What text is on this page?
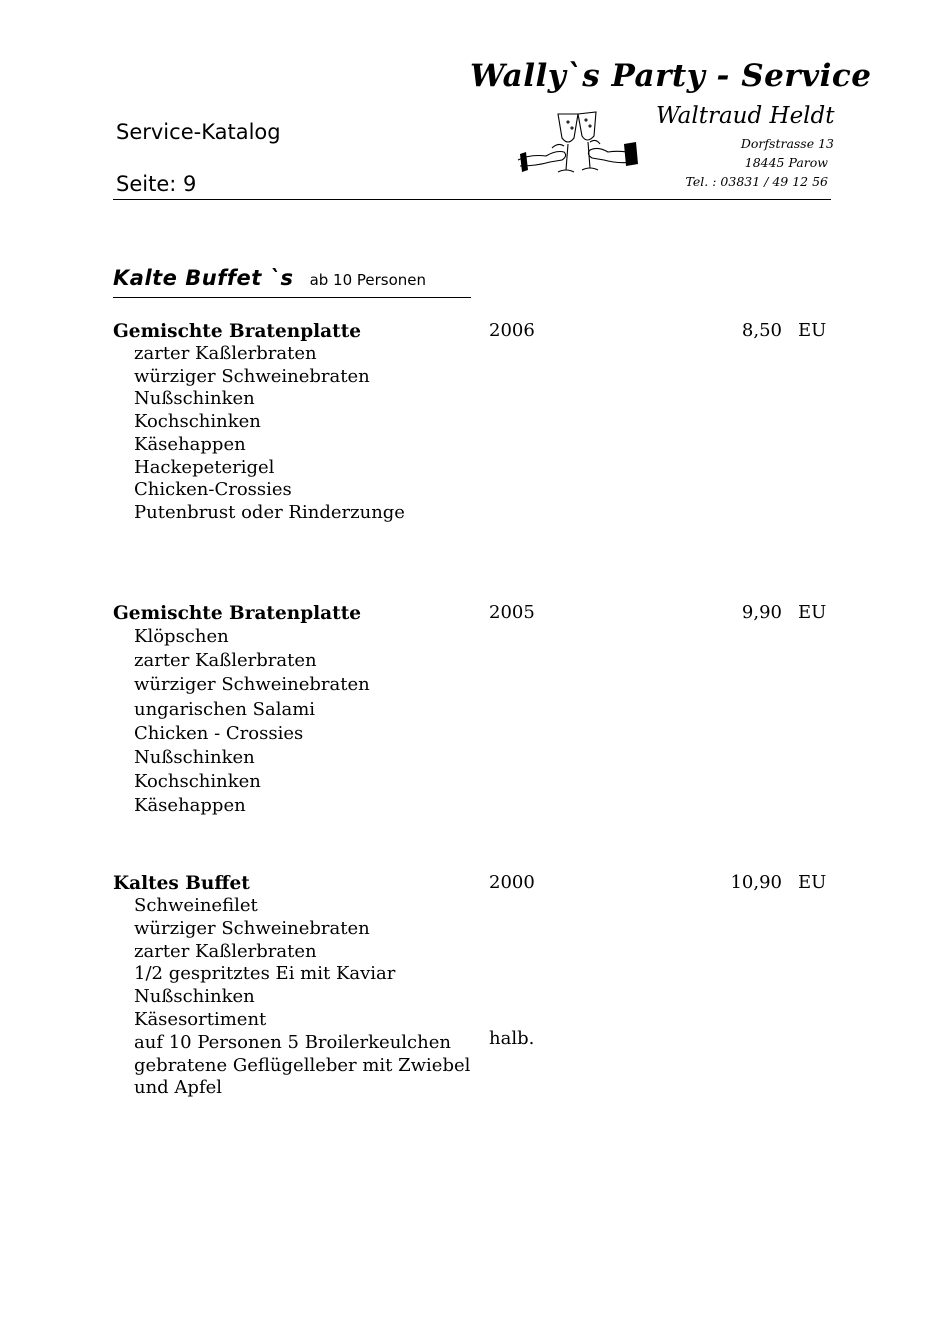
Service-Katalog
Seite: 9
Wally`s Party - Service
Waltraud Heldt
Dorfstrasse 13
18445 Parow
Tel. : 03831 / 49 12 56
Kalte Buffet `s ab 10 Personen
Gemischte Bratenplatte	2006	8,50 EU
zarter Kaßlerbraten
würziger Schweinebraten
Nußschinken
Kochschinken
Käsehappen
Hackepeterigel
Chicken-Crossies
Putenbrust oder Rinderzunge
Gemischte Bratenplatte	2005	9,90 EU
Klöpschen
zarter Kaßlerbraten
würziger Schweinebraten
ungarischen Salami
Chicken - Crossies
Nußschinken
Kochschinken
Käsehappen
Kaltes Buffet	2000	10,90 EU
Schweinefilet
würziger Schweinebraten
zarter Kaßlerbraten
1/2 gespritztes Ei mit Kaviar
Nußschinken
Käsesortiment
auf 10 Personen 5 Broilerkeulchen
gebratene Geflügelleber mit Zwiebel
und Apfel
halb.
